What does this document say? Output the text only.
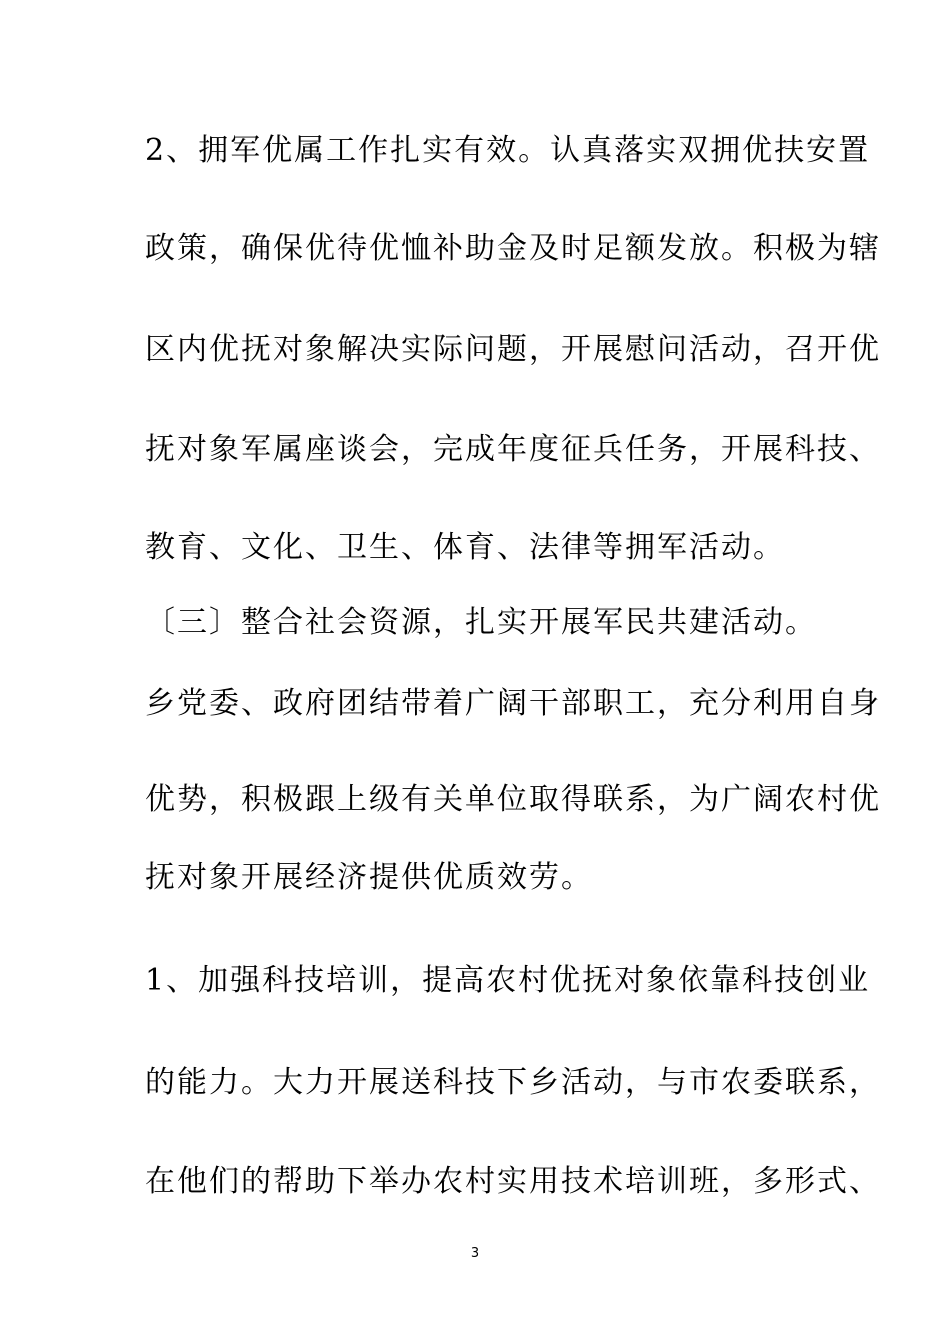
2、拥军优属工作扎实有效。认真落实双拥优扶安置
政策，确保优待优恤补助金及时足额发放。积极为辖
区内优抚对象解决实际问题，开展慰问活动，召开优
抚对象军属座谈会，完成年度征兵任务，开展科技、
教育、文化、卫生、体育、法律等拥军活动。
〔三〕整合社会资源，扎实开展军民共建活动。
乡党委、政府团结带着广阔干部职工，充分利用自身
优势，积极跟上级有关单位取得联系，为广阔农村优
抚对象开展经济提供优质效劳。
1、加强科技培训，提高农村优抚对象依靠科技创业
的能力。大力开展送科技下乡活动，与市农委联系，
在他们的帮助下举办农村实用技术培训班，多形式、
3
